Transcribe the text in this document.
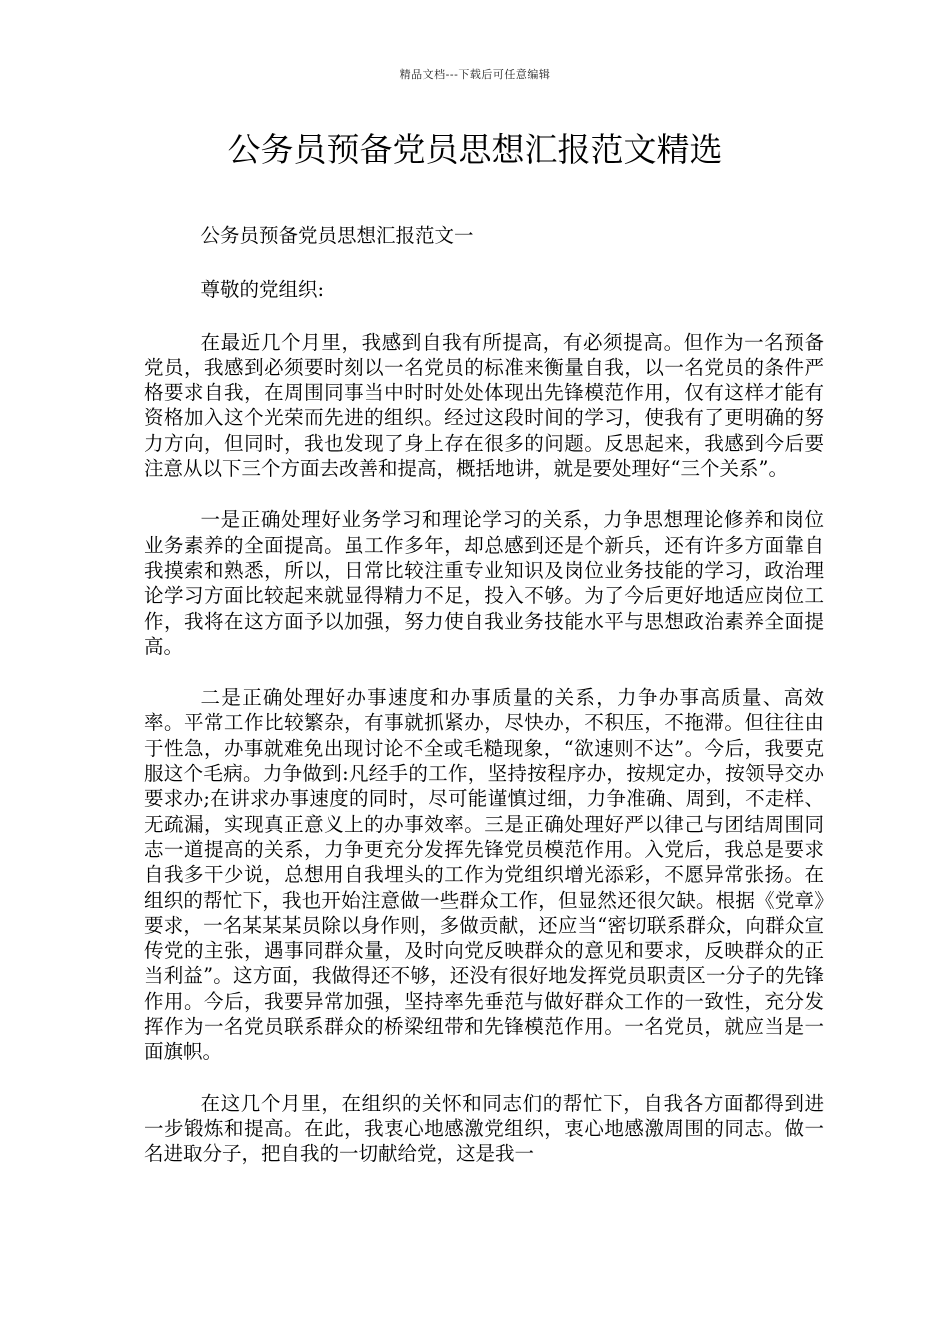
精品文档---下载后可任意编辑
公务员预备党员思想汇报范文精选

公务员预备党员思想汇报范文一

尊敬的党组织:

在最近几个月里，我感到自我有所提高，有必须提高。但作为一名预备党员，我感到必须要时刻以一名党员的标准来衡量自我，以一名党员的条件严格要求自我，在周围同事当中时时处处体现出先锋模范作用，仅有这样才能有资格加入这个光荣而先进的组织。经过这段时间的学习，使我有了更明确的努力方向，但同时，我也发现了身上存在很多的问题。反思起来，我感到今后要注意从以下三个方面去改善和提高，概括地讲，就是要处理好“三个关系”。

一是正确处理好业务学习和理论学习的关系，力争思想理论修养和岗位业务素养的全面提高。虽工作多年，却总感到还是个新兵，还有许多方面靠自我摸索和熟悉，所以，日常比较注重专业知识及岗位业务技能的学习，政治理论学习方面比较起来就显得精力不足，投入不够。为了今后更好地适应岗位工作，我将在这方面予以加强，努力使自我业务技能水平与思想政治素养全面提高。

二是正确处理好办事速度和办事质量的关系，力争办事高质量、高效率。平常工作比较繁杂，有事就抓紧办，尽快办，不积压，不拖滞。但往往由于性急，办事就难免出现讨论不全或毛糙现象，“欲速则不达”。今后，我要克服这个毛病。力争做到:凡经手的工作，坚持按程序办，按规定办，按领导交办要求办;在讲求办事速度的同时，尽可能谨慎过细，力争准确、周到，不走样、无疏漏，实现真正意义上的办事效率。三是正确处理好严以律己与团结周围同志一道提高的关系，力争更充分发挥先锋党员模范作用。入党后，我总是要求自我多干少说，总想用自我埋头的工作为党组织增光添彩，不愿异常张扬。在组织的帮忙下，我也开始注意做一些群众工作，但显然还很欠缺。根据《党章》要求，一名某某某员除以身作则，多做贡献，还应当“密切联系群众，向群众宣传党的主张，遇事同群众量，及时向党反映群众的意见和要求，反映群众的正当利益”。这方面，我做得还不够，还没有很好地发挥党员职责区一分子的先锋作用。今后，我要异常加强，坚持率先垂范与做好群众工作的一致性，充分发挥作为一名党员联系群众的桥梁纽带和先锋模范作用。一名党员，就应当是一面旗帜。

在这几个月里，在组织的关怀和同志们的帮忙下，自我各方面都得到进一步锻炼和提高。在此，我衷心地感激党组织，衷心地感激周围的同志。做一名进取分子，把自我的一切献给党，这是我一
